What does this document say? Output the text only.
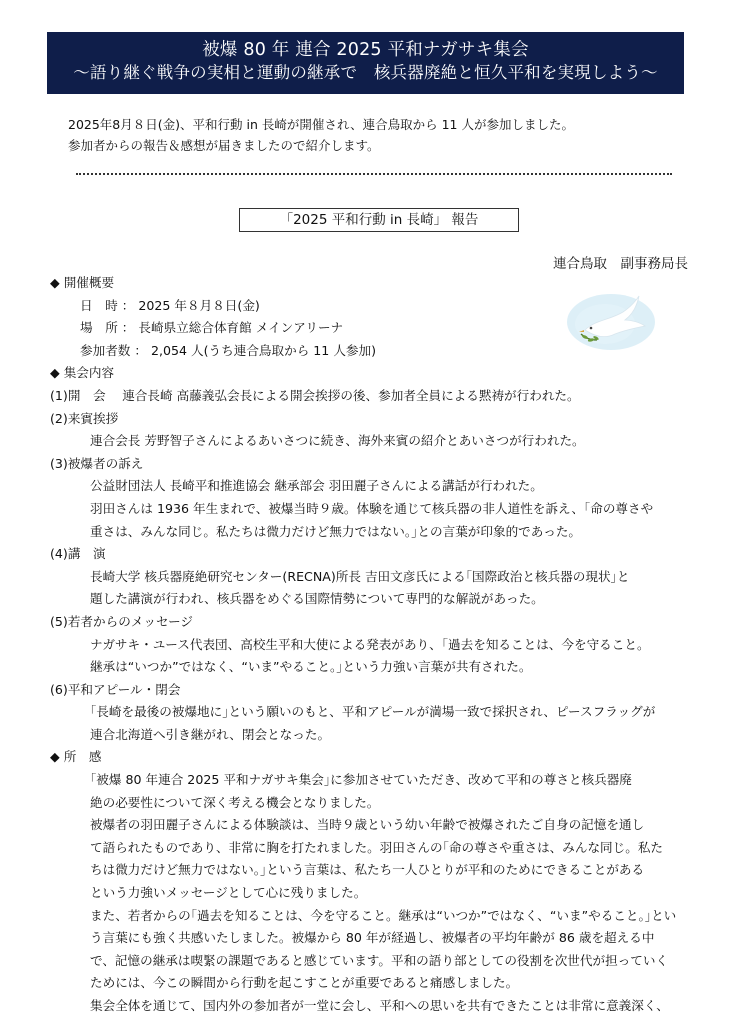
被爆 80 年 連合 2025 平和ナガサキ集会
～語り継ぐ戦争の実相と運動の継承で　核兵器廃絶と恒久平和を実現しよう～
2025年8月８日(金)、平和行動 in 長崎が開催され、連合鳥取から 11 人が参加しました。
参加者からの報告＆感想が届きましたので紹介します。
「2025 平和行動 in 長崎」 報告
連合鳥取　副事務局長
◆ 開催概要
日　時 ： 2025 年８月８日(金)
場　所 ： 長崎県立総合体育館 メインアリーナ
参加者数 ： 2,054 人(うち連合鳥取から 11 人参加)
◆ 集会内容
(1)開　会　 連合長崎 高藤義弘会長による開会挨拶の後、参加者全員による黙祷が行われた。
(2)来賓挨拶
連合会長 芳野智子さんによるあいさつに続き、海外来賓の紹介とあいさつが行われた。
(3)被爆者の訴え
公益財団法人 長崎平和推進協会 継承部会 羽田麗子さんによる講話が行われた。
羽田さんは 1936 年生まれで、被爆当時９歳。体験を通じて核兵器の非人道性を訴え、｢命の尊さや
重さは、みんな同じ。私たちは微力だけど無力ではない。｣との言葉が印象的であった。
(4)講　演
長崎大学 核兵器廃絶研究センター(RECNA)所長 吉田文彦氏による｢国際政治と核兵器の現状｣と
題した講演が行われ、核兵器をめぐる国際情勢について専門的な解説があった。
(5)若者からのメッセージ
ナガサキ・ユース代表団、高校生平和大使による発表があり、｢過去を知ることは、今を守ること。
継承は“いつか”ではなく、“いま”やること。｣という力強い言葉が共有された。
(6)平和アピール・閉会
｢長崎を最後の被爆地に｣という願いのもと、平和アピールが満場一致で採択され、ピースフラッグが
連合北海道へ引き継がれ、閉会となった。
◆ 所　感
｢被爆 80 年連合 2025 平和ナガサキ集会｣に参加させていただき、改めて平和の尊さと核兵器廃
絶の必要性について深く考える機会となりました。
被爆者の羽田麗子さんによる体験談は、当時９歳という幼い年齢で被爆されたご自身の記憶を通し
て語られたものであり、非常に胸を打たれました。羽田さんの｢命の尊さや重さは、みんな同じ。私た
ちは微力だけど無力ではない。｣という言葉は、私たち一人ひとりが平和のためにできることがある
という力強いメッセージとして心に残りました。
また、若者からの｢過去を知ることは、今を守ること。継承は“いつか”ではなく、“いま”やること。｣とい
う言葉にも強く共感いたしました。被爆から 80 年が経過し、被爆者の平均年齢が 86 歳を超える中
で、記憶の継承は喫緊の課題であると感じています。平和の語り部としての役割を次世代が担っていく
ためには、今この瞬間から行動を起こすことが重要であると痛感しました。
集会全体を通じて、国内外の参加者が一堂に会し、平和への思いを共有できたことは非常に意義深く、
